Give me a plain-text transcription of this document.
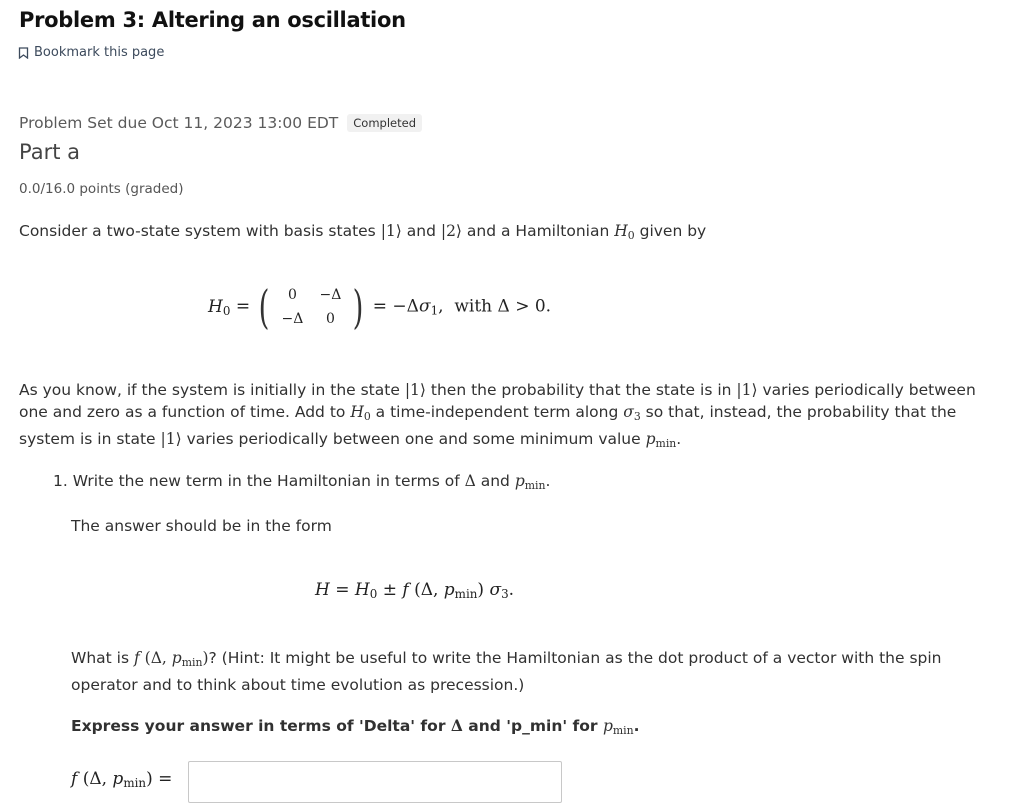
Problem 3: Altering an oscillation
Bookmark this page
Problem Set due Oct 11, 2023 13:00 EDT	Completed
Part a
0.0/16.0 points (graded)
Consider a two-state system with basis states |1⟩ and |2⟩ and a Hamiltonian $H_0$ given by
$H_0$ = ( 0 −Δ
−Δ 0 ) = $-\Delta\sigma_1$,  with Δ > 0.
As you know, if the system is initially in the state |1⟩ then the probability that the state is in |1⟩ varies periodically between one and zero as a function of time. Add to $H_0$ a time-independent term along $\sigma_3$ so that, instead, the probability that the system is in state |1⟩ varies periodically between one and some minimum value $p_{min}$.
1. Write the new term in the Hamiltonian in terms of Δ and $p_{min}$.
The answer should be in the form
$H = H_0 \pm f$ (Δ, $p_{min}$) $\sigma_3$.
What is f (Δ, $p_{min}$)? (Hint: It might be useful to write the Hamiltonian as the dot product of a vector with the spin operator and to think about time evolution as precession.)
Express your answer in terms of 'Delta' for Δ and 'p_min' for $p_{min}$.
f (Δ, $p_{min}$) =
